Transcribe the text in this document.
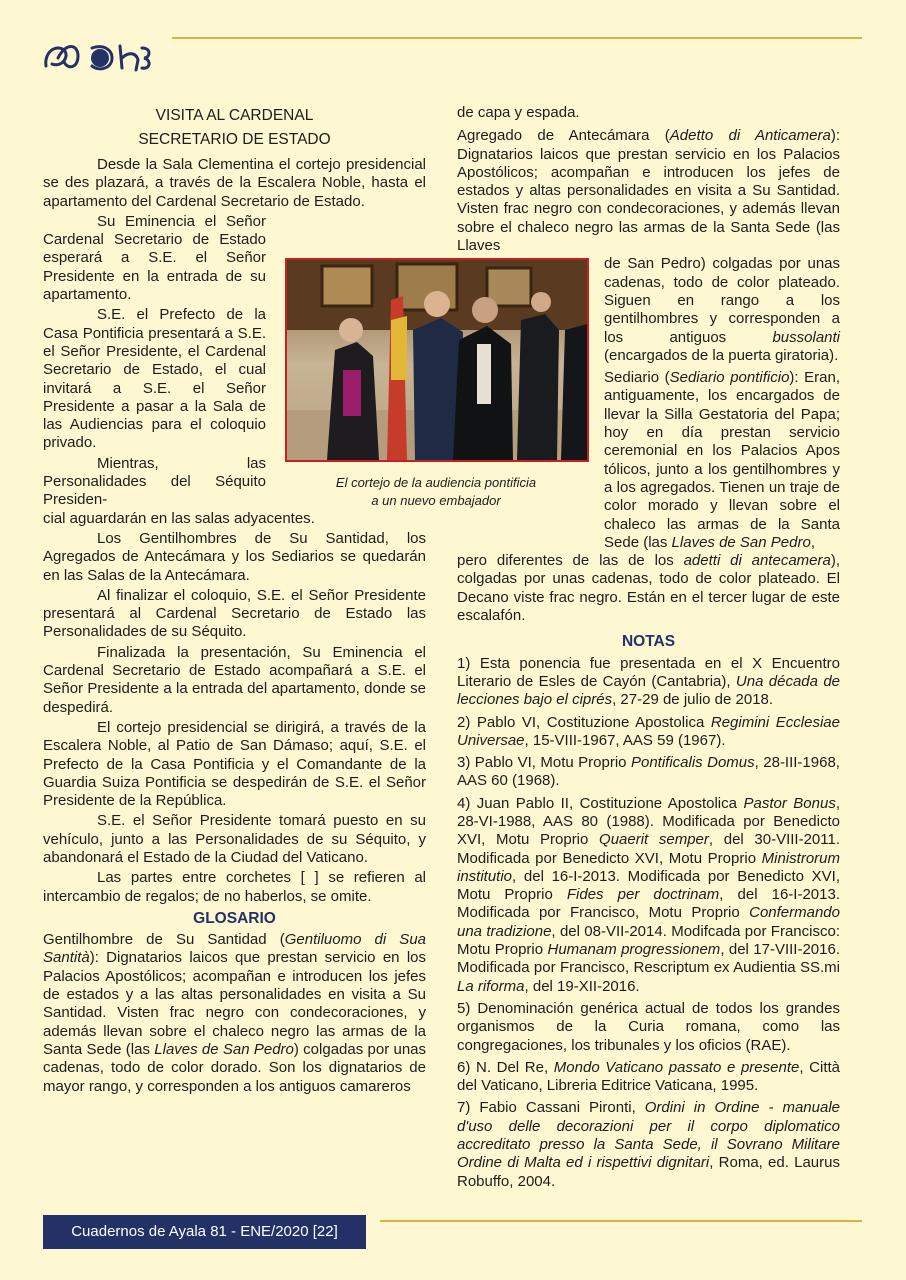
VISITA AL CARDENAL

SECRETARIO DE ESTADO

Desde la Sala Clementina el cortejo presidencial se des plazará, a través de la Escalera Noble, hasta el apartamento del Cardenal Secretario de Estado.

Su Eminencia el Señor Cardenal Secretario de Estado esperará a S.E. el Señor Presidente en la entrada de su apartamento.

S.E. el Prefecto de la Casa Pontificia presentará a S.E. el Señor Presidente, el Cardenal Secretario de Estado, el cual invitará a S.E. el Señor Presidente a pasar a la Sala de las Audiencias para el coloquio privado.

Mientras, las Personalidades del Séquito Presiden-

cial aguardarán en las salas adyacentes.

Los Gentilhombres de Su Santidad, los Agregados de Antecámara y los Sediarios se quedarán en las Salas de la Antecámara.

Al finalizar el coloquio, S.E. el Señor Presidente presentará al Cardenal Secretario de Estado las Personalidades de su Séquito.

Finalizada la presentación, Su Eminencia el Cardenal Secretario de Estado acompañará a S.E. el Señor Presidente a la entrada del apartamento, donde se despedirá.

El cortejo presidencial se dirigirá, a través de la Escalera Noble, al Patio de San Dámaso; aquí, S.E. el Prefecto de la Casa Pontificia y el Comandante de la Guardia Suiza Pontificia se despedirán de S.E. el Señor Presidente de la República.

S.E. el Señor Presidente tomará puesto en su vehículo, junto a las Personalidades de su Séquito, y abandonará el Estado de la Ciudad del Vaticano.

Las partes entre corchetes [ ] se refieren al intercambio de regalos; de no haberlos, se omite.

GLOSARIO

Gentilhombre de Su Santidad (Gentiluomo di Sua Santità): Dignatarios laicos que prestan servicio en los Palacios Apostólicos; acompañan e introducen los jefes de estados y a las altas personalidades en visita a Su Santidad. Visten frac negro con condecoraciones, y además llevan sobre el chaleco negro las armas de la Santa Sede (las Llaves de San Pedro) colgadas por unas cadenas, todo de color dorado. Son los dignatarios de mayor rango, y corresponden a los antiguos camareros

El cortejo de la audiencia pontificia
a un nuevo embajador

de capa y espada.

Agregado de Antecámara (Adetto di Anticamera): Dignatarios laicos que prestan servicio en los Palacios Apostólicos; acompañan e introducen los jefes de estados y altas personalidades en visita a Su Santidad. Visten frac negro con condecoraciones, y además llevan sobre el chaleco negro las armas de la Santa Sede (las Llaves

de San Pedro) colgadas por unas cadenas, todo de color plateado. Siguen en rango a los gentilhombres y corresponden a los antiguos bussolanti (encargados de la puerta giratoria).

Sediario (Sediario pontificio): Eran, antiguamente, los encargados de llevar la Silla Gestatoria del Papa; hoy en día prestan servicio ceremonial en los Palacios Apos tólicos, junto a los gentilhombres y a los agregados. Tienen un traje de color morado y llevan sobre el chaleco las armas de la Santa Sede (las Llaves de San Pedro,

pero diferentes de las de los adetti di antecamera), colgadas por unas cadenas, todo de color plateado. El Decano viste frac negro. Están en el tercer lugar de este escalafón.

NOTAS

1) Esta ponencia fue presentada en el X Encuentro Literario de Esles de Cayón (Cantabria), Una década de lecciones bajo el ciprés, 27-29 de julio de 2018.

2) Pablo VI, Costituzione Apostolica Regimini Ecclesiae Universae, 15-VIII-1967, AAS 59 (1967).

3) Pablo VI, Motu Proprio Pontificalis Domus, 28-III-1968, AAS 60 (1968).

4) Juan Pablo II, Costituzione Apostolica Pastor Bonus, 28-VI-1988, AAS 80 (1988). Modificada por Benedicto XVI, Motu Proprio Quaerit semper, del 30-VIII-2011. Modificada por Benedicto XVI, Motu Proprio Ministrorum institutio, del 16-I-2013. Modificada por Benedicto XVI, Motu Proprio Fides per doctrinam, del 16-I-2013. Modificada por Francisco, Motu Proprio Confermando una tradizione, del 08-VII-2014. Modifcada por Francisco: Motu Proprio Humanam progressionem, del 17-VIII-2016. Modificada por Francisco, Rescriptum ex Audientia SS.mi La riforma, del 19-XII-2016.

5) Denominación genérica actual de todos los grandes organismos de la Curia romana, como las congregaciones, los tribunales y los oficios (RAE).

6) N. Del Re, Mondo Vaticano passato e presente, Città del Vaticano, Libreria Editrice Vaticana, 1995.

7) Fabio Cassani Pironti, Ordini in Ordine - manuale d'uso delle decorazioni per il corpo diplomatico accreditato presso la Santa Sede, il Sovrano Militare Ordine di Malta ed i rispettivi dignitari, Roma, ed. Laurus Robuffo, 2004.

Cuadernos de Ayala 81 - ENE/2020 [22]
